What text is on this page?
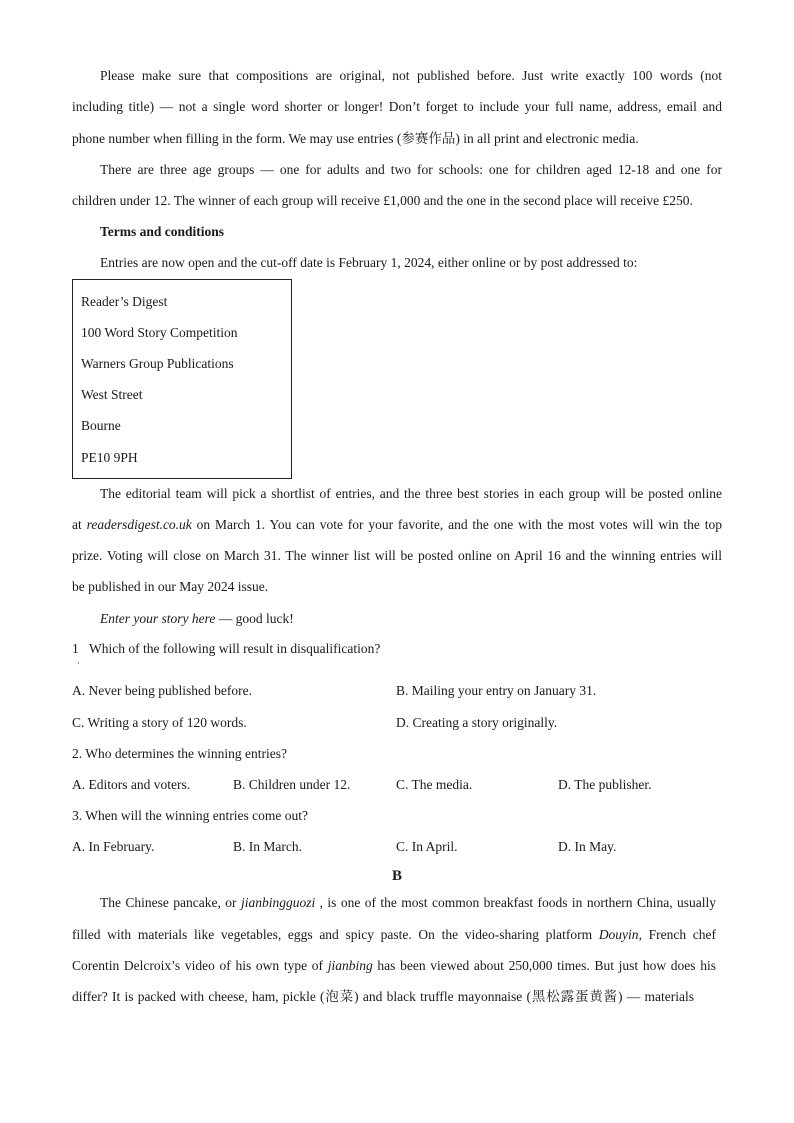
Please make sure that compositions are original, not published before. Just write exactly 100 words (not
including title) — not a single word shorter or longer! Don’t forget to include your full name, address, email and
phone number when filling in the form. We may use entries (参赛作品) in all print and electronic media.
There are three age groups — one for adults and two for schools: one for children aged 12-18 and one for
children under 12. The winner of each group will receive £1,000 and the one in the second place will receive £250.
Terms and conditions
Entries are now open and the cut-off date is February 1, 2024, either online or by post addressed to:
Reader’s Digest
100 Word Story Competition
Warners Group Publications
West Street
Bourne
PE10 9PH
The editorial team will pick a shortlist of entries, and the three best stories in each group will be posted online
at readersdigest.co.uk on March 1. You can vote for your favorite, and the one with the most votes will win the top
prize. Voting will close on March 31. The winner list will be posted online on April 16 and the winning entries will
be published in our May 2024 issue.
Enter your story here — good luck!
1
·
Which of the following will result in disqualification?
A. Never being published before.	B. Mailing your entry on January 31.
C. Writing a story of 120 words.	D. Creating a story originally.
2. Who determines the winning entries?
A. Editors and voters.	B. Children under 12.	C. The media.	D. The publisher.
3. When will the winning entries come out?
A. In February.	B. In March.	C. In April.	D. In May.
B
The Chinese pancake, or jianbingguozi , is one of the most common breakfast foods in northern China, usually
filled with materials like vegetables, eggs and spicy paste. On the video-sharing platform Douyin, French chef
Corentin Delcroix’s video of his own type of jianbing has been viewed about 250,000 times. But just how does his
differ? It is packed with cheese, ham, pickle (泡菜) and black truffle mayonnaise (黑松露蛋黄酱) — materials
